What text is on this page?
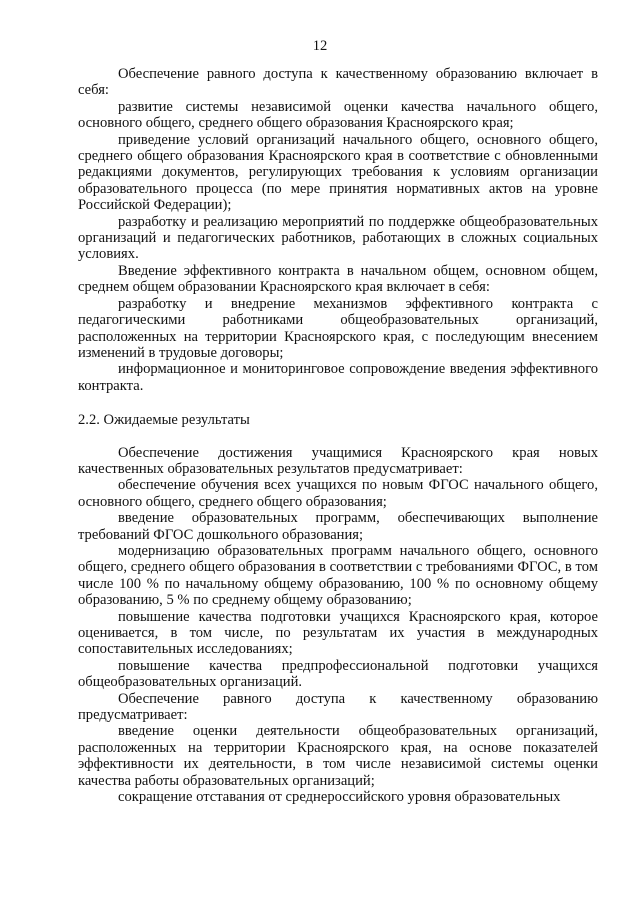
12

Обеспечение равного доступа к качественному образованию включает в себя:

развитие системы независимой оценки качества начального общего, основного общего, среднего общего образования Красноярского края;

приведение условий организаций начального общего, основного общего, среднего общего образования Красноярского края в соответствие с обновленными редакциями документов, регулирующих требования к условиям организации образовательного процесса (по мере принятия нормативных актов на уровне Российской Федерации);

разработку и реализацию мероприятий по поддержке общеобразовательных организаций и педагогических работников, работающих в сложных социальных условиях.

Введение эффективного контракта в начальном общем, основном общем, среднем общем образовании Красноярского края включает в себя:

разработку и внедрение механизмов эффективного контракта с педагогическими работниками общеобразовательных организаций, расположенных на территории Красноярского края, с последующим внесением изменений в трудовые договоры;

информационное и мониторинговое сопровождение введения эффективного контракта.

2.2. Ожидаемые результаты

Обеспечение достижения учащимися Красноярского края новых качественных образовательных результатов предусматривает:

обеспечение обучения всех учащихся по новым ФГОС начального общего, основного общего, среднего общего образования;

введение образовательных программ, обеспечивающих выполнение требований ФГОС дошкольного образования;

модернизацию образовательных программ начального общего, основного общего, среднего общего образования в соответствии с требованиями ФГОС, в том числе 100 % по начальному общему образованию, 100 % по основному общему образованию, 5 % по среднему общему образованию;

повышение качества подготовки учащихся Красноярского края, которое оценивается, в том числе, по результатам их участия в международных сопоставительных исследованиях;

повышение качества предпрофессиональной подготовки учащихся общеобразовательных организаций.

Обеспечение равного доступа к качественному образованию предусматривает:

введение оценки деятельности общеобразовательных организаций, расположенных на территории Красноярского края, на основе показателей эффективности их деятельности, в том числе независимой системы оценки качества работы образовательных организаций;

сокращение отставания от среднероссийского уровня образовательных
